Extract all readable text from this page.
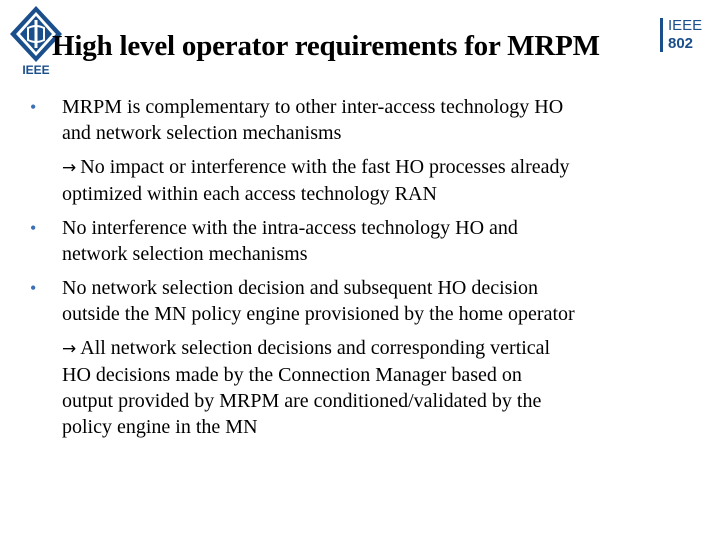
IEEE
IEEE
802
High level operator requirements for MRPM
• MRPM is complementary to other inter-access technology HO
and network selection mechanisms
→ No impact or interference with the fast HO processes already
optimized within each access technology RAN
• No interference with the intra-access technology HO and
network selection mechanisms
• No network selection decision and subsequent HO decision
outside the MN policy engine provisioned by the home operator
→ All network selection decisions and corresponding vertical
HO decisions made by the Connection Manager based on
output provided by MRPM are conditioned/validated by the
policy engine in the MN
